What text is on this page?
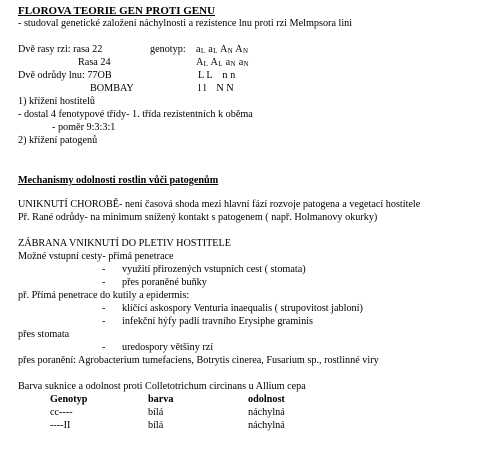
FLOROVA TEORIE GEN PROTI GENU
- studoval genetické založení náchylnosti a rezistence lnu proti rzi Melmpsora lini
Dvě rasy rzi: rasa 22	genotyp: $a_L$ $a_L$ $A_N$ $A_N$
Rasa 24	$A_L$ $A_L$ $a_N$ $a_N$
Dvě odrůdy lnu: 77OB	L L    n n
BOMBAY	l l    N N
1) křížení hostitelů
- dostal 4 fenotypové třídy- 1. třída rezistentních k oběma
- poměr 9:3:3:1
2) křížení patogenů
Mechanismy odolnosti rostlin vůči patogenům
UNIKNUTÍ CHOROBĚ- není časová shoda mezi hlavní fází rozvoje patogena a vegetací hostitele
Př. Rané odrůdy- na minimum snížený kontakt s patogenem ( např. Holmanovy okurky)
ZÁBRANA VNIKNUTÍ DO PLETIV HOSTITELE
Možné vstupní cesty- přímá penetrace
- využití přirozených vstupních cest ( stomata)
- přes poraněné buňky
př. Přímá penetrace do kutily a epidermis:
- klíčící askospory Venturia inaequalis ( strupovitost jabloní)
- infekční hýfy padlí travního Erysiphe graminis
přes stomata
- uredospory většiny rzí
přes poranění: Agrobacterium tumefaciens, Botrytis cinerea, Fusarium sp., rostlinné viry
Barva suknice a odolnost proti Colletotrichum circinans u Allium cepa
Genotyp	barva	odolnost
cc----	bílá	náchylná
----II	bílá	náchylná
